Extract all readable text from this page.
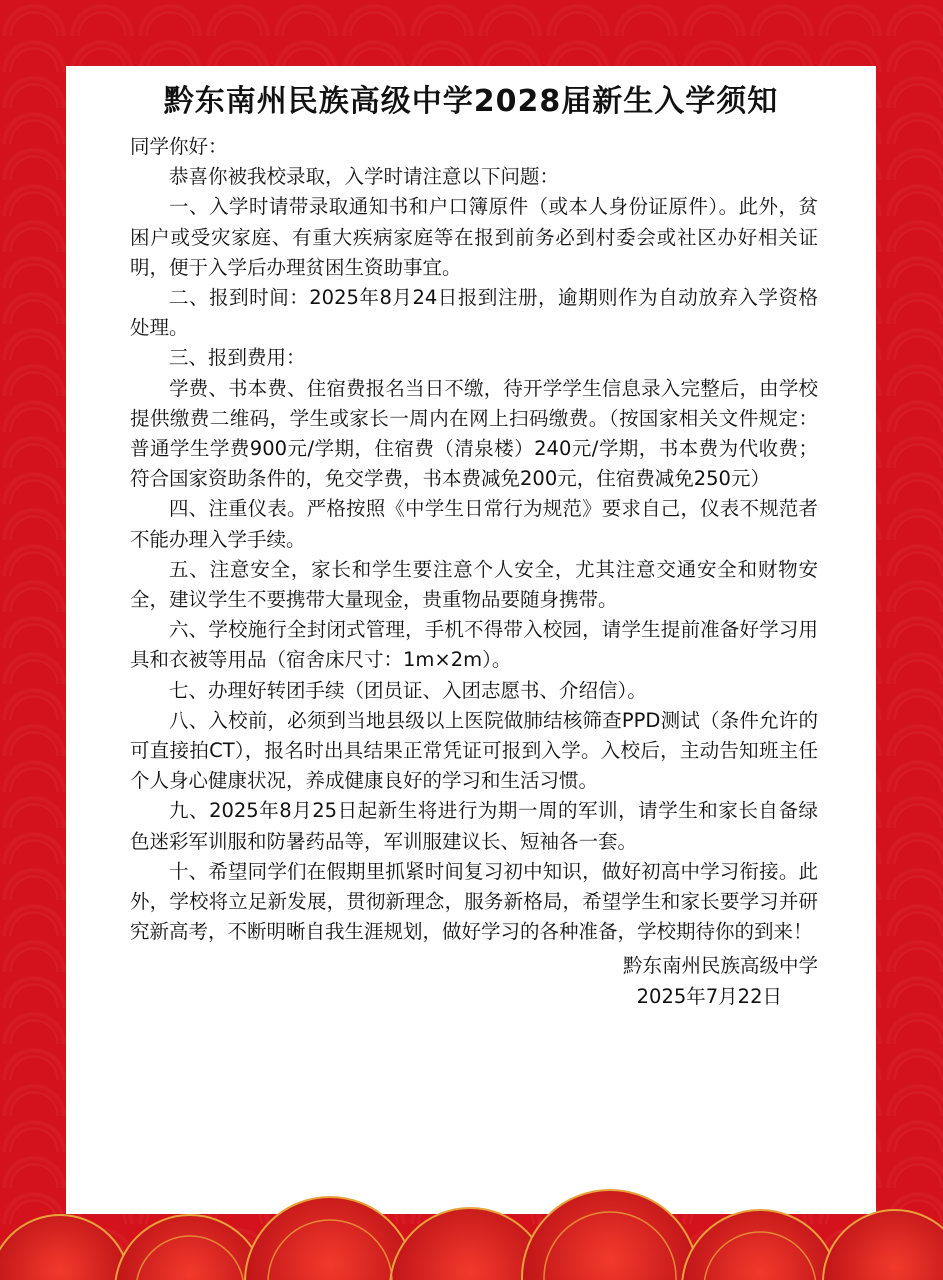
黔东南州民族高级中学2028届新生入学须知

同学你好：

恭喜你被我校录取，入学时请注意以下问题：

一、入学时请带录取通知书和户口簿原件（或本人身份证原件）。此外，贫困户或受灾家庭、有重大疾病家庭等在报到前务必到村委会或社区办好相关证明，便于入学后办理贫困生资助事宜。

二、报到时间：2025年8月24日报到注册，逾期则作为自动放弃入学资格处理。

三、报到费用：

学费、书本费、住宿费报名当日不缴，待开学学生信息录入完整后，由学校提供缴费二维码，学生或家长一周内在网上扫码缴费。（按国家相关文件规定：普通学生学费900元/学期，住宿费（清泉楼）240元/学期，书本费为代收费；符合国家资助条件的，免交学费，书本费减免200元，住宿费减免250元）

四、注重仪表。严格按照《中学生日常行为规范》要求自己，仪表不规范者不能办理入学手续。

五、注意安全，家长和学生要注意个人安全，尤其注意交通安全和财物安全，建议学生不要携带大量现金，贵重物品要随身携带。

六、学校施行全封闭式管理，手机不得带入校园，请学生提前准备好学习用具和衣被等用品（宿舍床尺寸：1m×2m）。

七、办理好转团手续（团员证、入团志愿书、介绍信）。

八、入校前，必须到当地县级以上医院做肺结核筛查PPD测试（条件允许的可直接拍CT），报名时出具结果正常凭证可报到入学。入校后，主动告知班主任个人身心健康状况，养成健康良好的学习和生活习惯。

九、2025年8月25日起新生将进行为期一周的军训，请学生和家长自备绿色迷彩军训服和防暑药品等，军训服建议长、短袖各一套。

十、希望同学们在假期里抓紧时间复习初中知识，做好初高中学习衔接。此外，学校将立足新发展，贯彻新理念，服务新格局，希望学生和家长要学习并研究新高考，不断明晰自我生涯规划，做好学习的各种准备，学校期待你的到来！

黔东南州民族高级中学
2025年7月22日
